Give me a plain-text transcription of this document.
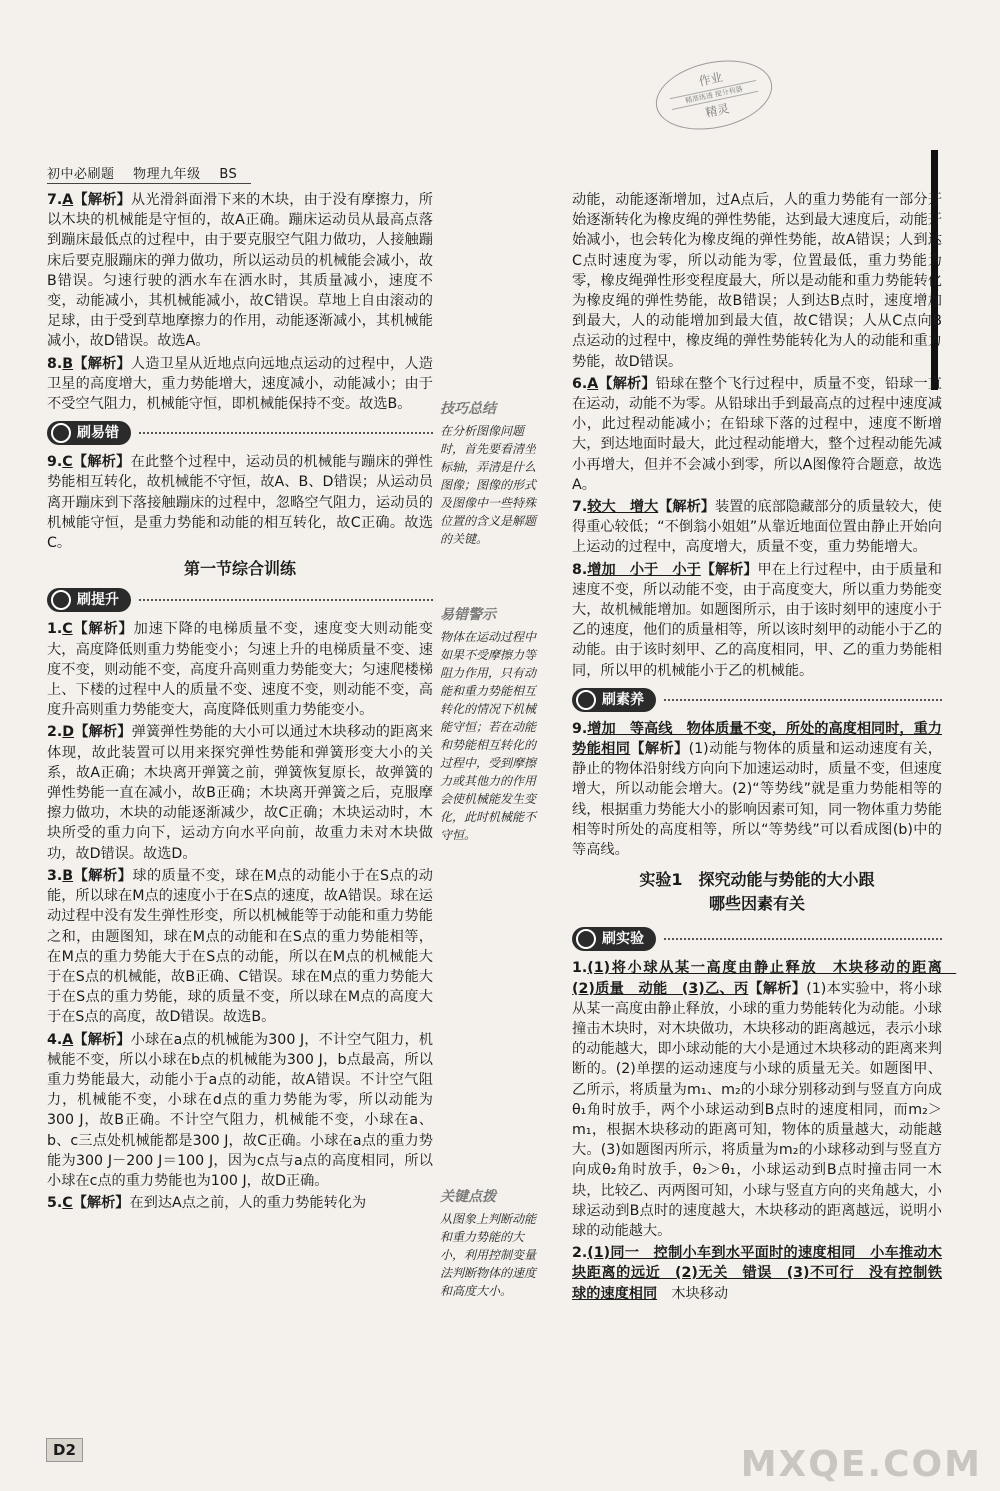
作业
精准练透 提分利器
精灵
初中必刷题 物理九年级 BS
7.A【解析】从光滑斜面滑下来的木块，由于没有摩擦力，所以木块的机械能是守恒的，故A正确。蹦床运动员从最高点落到蹦床最低点的过程中，由于要克服空气阻力做功，人接触蹦床后要克服蹦床的弹力做功，所以运动员的机械能会减小，故B错误。匀速行驶的洒水车在洒水时，其质量减小，速度不变，动能减小，其机械能减小，故C错误。草地上自由滚动的足球，由于受到草地摩擦力的作用，动能逐渐减小，其机械能减小，故D错误。故选A。
8.B【解析】人造卫星从近地点向远地点运动的过程中，人造卫星的高度增大，重力势能增大，速度减小，动能减小；由于不受空气阻力，机械能守恒，即机械能保持不变。故选B。
刷易错
9.C【解析】在此整个过程中，运动员的机械能与蹦床的弹性势能相互转化，故机械能不守恒，故A、B、D错误；从运动员离开蹦床到下落接触蹦床的过程中，忽略空气阻力，运动员的机械能守恒，是重力势能和动能的相互转化，故C正确。故选C。
第一节综合训练
刷提升
1.C【解析】加速下降的电梯质量不变，速度变大则动能变大，高度降低则重力势能变小；匀速上升的电梯质量不变、速度不变，则动能不变，高度升高则重力势能变大；匀速爬楼梯上、下楼的过程中人的质量不变、速度不变，则动能不变，高度升高则重力势能变大，高度降低则重力势能变小。
2.D【解析】弹簧弹性势能的大小可以通过木块移动的距离来体现，故此装置可以用来探究弹性势能和弹簧形变大小的关系，故A正确；木块离开弹簧之前，弹簧恢复原长，故弹簧的弹性势能一直在减小，故B正确；木块离开弹簧之后，克服摩擦力做功，木块的动能逐渐减少，故C正确；木块运动时，木块所受的重力向下，运动方向水平向前，故重力未对木块做功，故D错误。故选D。
3.B【解析】球的质量不变，球在M点的动能小于在S点的动能，所以球在M点的速度小于在S点的速度，故A错误。球在运动过程中没有发生弹性形变，所以机械能等于动能和重力势能之和，由题图知，球在M点的动能和在S点的重力势能相等，在M点的重力势能大于在S点的动能，所以在M点的机械能大于在S点的机械能，故B正确、C错误。球在M点的重力势能大于在S点的重力势能，球的质量不变，所以球在M点的高度大于在S点的高度，故D错误。故选B。
4.A【解析】小球在a点的机械能为300 J，不计空气阻力，机械能不变，所以小球在b点的机械能为300 J，b点最高，所以重力势能最大，动能小于a点的动能，故A错误。不计空气阻力，机械能不变，小球在d点的重力势能为零，所以动能为300 J，故B正确。不计空气阻力，机械能不变，小球在a、b、c三点处机械能都是300 J，故C正确。小球在a点的重力势能为300 J－200 J＝100 J，因为c点与a点的高度相同，所以小球在c点的重力势能也为100 J，故D正确。
5.C【解析】在到达A点之前，人的重力势能转化为
技巧总结
在分析图像问题时，首先要看清坐标轴，弄清是什么图像；图像的形式及图像中一些特殊位置的含义是解题的关键。
易错警示
物体在运动过程中如果不受摩擦力等阻力作用，只有动能和重力势能相互转化的情况下机械能守恒；若在动能和势能相互转化的过程中，受到摩擦力或其他力的作用会使机械能发生变化，此时机械能不守恒。
关键点拨
从图象上判断动能和重力势能的大小，利用控制变量法判断物体的速度和高度大小。
动能，动能逐渐增加，过A点后，人的重力势能有一部分开始逐渐转化为橡皮绳的弹性势能，达到最大速度后，动能开始减小，也会转化为橡皮绳的弹性势能，故A错误；人到达C点时速度为零，所以动能为零，位置最低，重力势能为零，橡皮绳弹性形变程度最大，所以是动能和重力势能转化为橡皮绳的弹性势能，故B错误；人到达B点时，速度增加到最大，人的动能增加到最大值，故C错误；人从C点向B点运动的过程中，橡皮绳的弹性势能转化为人的动能和重力势能，故D错误。
6.A【解析】铅球在整个飞行过程中，质量不变，铅球一直在运动，动能不为零。从铅球出手到最高点的过程中速度减小，此过程动能减小；在铅球下落的过程中，速度不断增大，到达地面时最大，此过程动能增大，整个过程动能先减小再增大，但并不会减小到零，所以A图像符合题意，故选A。
7.较大　增大【解析】装置的底部隐藏部分的质量较大，使得重心较低；“不倒翁小姐姐”从靠近地面位置由静止开始向上运动的过程中，高度增大，质量不变，重力势能增大。
8.增加　小于　小于【解析】甲在上行过程中，由于质量和速度不变，所以动能不变，由于高度变大，所以重力势能变大，故机械能增加。如题图所示，由于该时刻甲的速度小于乙的速度，他们的质量相等，所以该时刻甲的动能小于乙的动能。由于该时刻甲、乙的高度相同，甲、乙的重力势能相同，所以甲的机械能小于乙的机械能。
刷素养
9.增加　等高线　物体质量不变，所处的高度相同时，重力势能相同【解析】(1)动能与物体的质量和运动速度有关，静止的物体沿射线方向向下加速运动时，质量不变，但速度增大，所以动能会增大。(2)“等势线”就是重力势能相等的线，根据重力势能大小的影响因素可知，同一物体重力势能相等时所处的高度相等，所以“等势线”可以看成图(b)中的等高线。
实验1　探究动能与势能的大小跟
哪些因素有关
刷实验
1.(1)将小球从某一高度由静止释放　木块移动的距离　(2)质量　动能　(3)乙、丙【解析】(1)本实验中，将小球从某一高度由静止释放，小球的重力势能转化为动能。小球撞击木块时，对木块做功，木块移动的距离越远，表示小球的动能越大，即小球动能的大小是通过木块移动的距离来判断的。(2)单摆的运动速度与小球的质量无关。如题图甲、乙所示，将质量为m₁、m₂的小球分别移动到与竖直方向成θ₁角时放手，两个小球运动到B点时的速度相同，而m₂＞m₁，根据木块移动的距离可知，物体的质量越大，动能越大。(3)如题图丙所示，将质量为m₂的小球移动到与竖直方向成θ₂角时放手，θ₂＞θ₁，小球运动到B点时撞击同一木块，比较乙、丙两图可知，小球与竖直方向的夹角越大，小球运动到B点时的速度越大，木块移动的距离越远，说明小球的动能越大。
2.(1)同一　控制小车到水平面时的速度相同　小车推动木块距离的远近　(2)无关　错误　(3)不可行　没有控制铁球的速度相同　木块移动
D2	MXQE.COM
